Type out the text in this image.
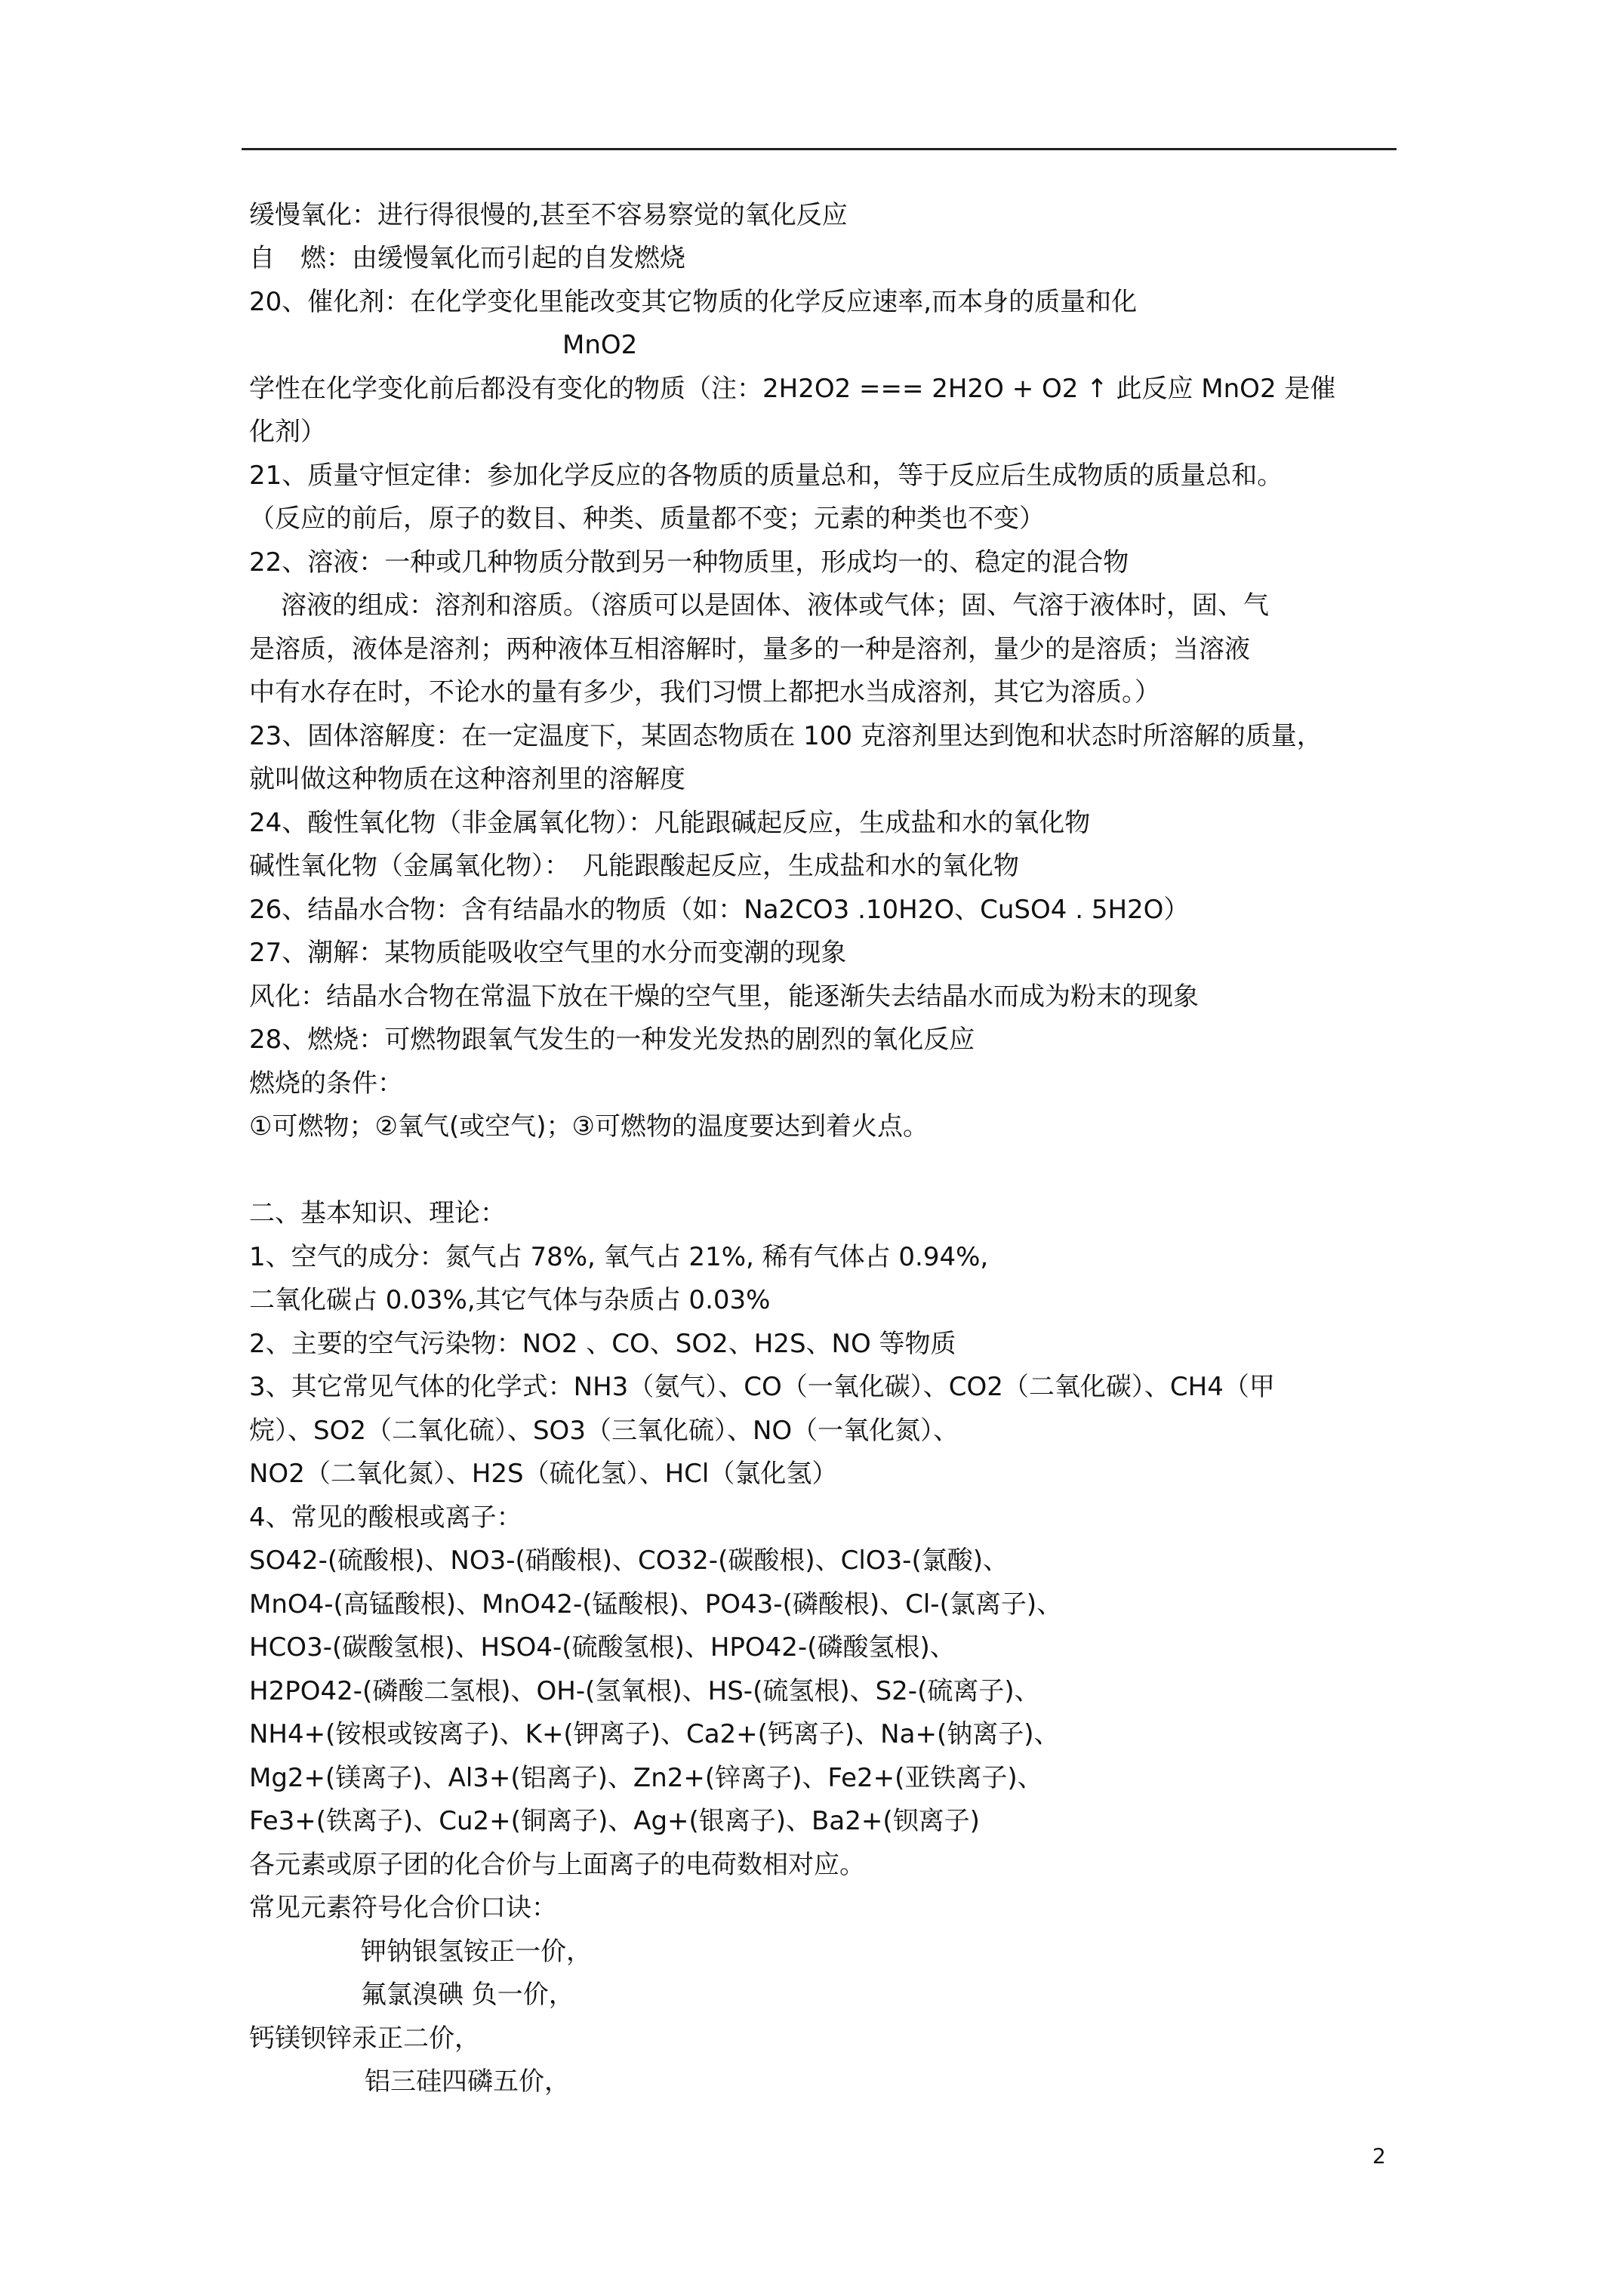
缓慢氧化：进行得很慢的,甚至不容易察觉的氧化反应
自　燃：由缓慢氧化而引起的自发燃烧
20、催化剂：在化学变化里能改变其它物质的化学反应速率,而本身的质量和化
MnO2
学性在化学变化前后都没有变化的物质（注：2H2O2 === 2H2O + O2 ↑ 此反应 MnO2 是催
化剂）
21、质量守恒定律：参加化学反应的各物质的质量总和，等于反应后生成物质的质量总和。
（反应的前后，原子的数目、种类、质量都不变；元素的种类也不变）
22、溶液：一种或几种物质分散到另一种物质里，形成均一的、稳定的混合物
溶液的组成：溶剂和溶质。（溶质可以是固体、液体或气体；固、气溶于液体时，固、气
是溶质，液体是溶剂；两种液体互相溶解时，量多的一种是溶剂，量少的是溶质；当溶液
中有水存在时，不论水的量有多少，我们习惯上都把水当成溶剂，其它为溶质。）
23、固体溶解度：在一定温度下，某固态物质在 100 克溶剂里达到饱和状态时所溶解的质量，
就叫做这种物质在这种溶剂里的溶解度
24、酸性氧化物（非金属氧化物）：凡能跟碱起反应，生成盐和水的氧化物
碱性氧化物（金属氧化物）：　凡能跟酸起反应，生成盐和水的氧化物
26、结晶水合物：含有结晶水的物质（如：Na2CO3 .10H2O、CuSO4 . 5H2O）
27、潮解：某物质能吸收空气里的水分而变潮的现象
风化：结晶水合物在常温下放在干燥的空气里，能逐渐失去结晶水而成为粉末的现象
28、燃烧：可燃物跟氧气发生的一种发光发热的剧烈的氧化反应
燃烧的条件：
①可燃物；②氧气(或空气)；③可燃物的温度要达到着火点。
二、基本知识、理论：
1、空气的成分：氮气占 78%, 氧气占 21%, 稀有气体占 0.94%,
二氧化碳占 0.03%,其它气体与杂质占 0.03%
2、主要的空气污染物：NO2 、CO、SO2、H2S、NO 等物质
3、其它常见气体的化学式：NH3（氨气）、CO（一氧化碳）、CO2（二氧化碳）、CH4（甲
烷）、SO2（二氧化硫）、SO3（三氧化硫）、NO（一氧化氮）、
NO2（二氧化氮）、H2S（硫化氢）、HCl（氯化氢）
4、常见的酸根或离子：
SO42-(硫酸根)、NO3-(硝酸根)、CO32-(碳酸根)、ClO3-(氯酸)、
MnO4-(高锰酸根)、MnO42-(锰酸根)、PO43-(磷酸根)、Cl-(氯离子)、
HCO3-(碳酸氢根)、HSO4-(硫酸氢根)、HPO42-(磷酸氢根)、
H2PO42-(磷酸二氢根)、OH-(氢氧根)、HS-(硫氢根)、S2-(硫离子)、
NH4+(铵根或铵离子)、K+(钾离子)、Ca2+(钙离子)、Na+(钠离子)、
Mg2+(镁离子)、Al3+(铝离子)、Zn2+(锌离子)、Fe2+(亚铁离子)、
Fe3+(铁离子)、Cu2+(铜离子)、Ag+(银离子)、Ba2+(钡离子)
各元素或原子团的化合价与上面离子的电荷数相对应。
常见元素符号化合价口诀：
钾钠银氢铵正一价，
氟氯溴碘 负一价，
钙镁钡锌汞正二价，
铝三硅四磷五价，
2
